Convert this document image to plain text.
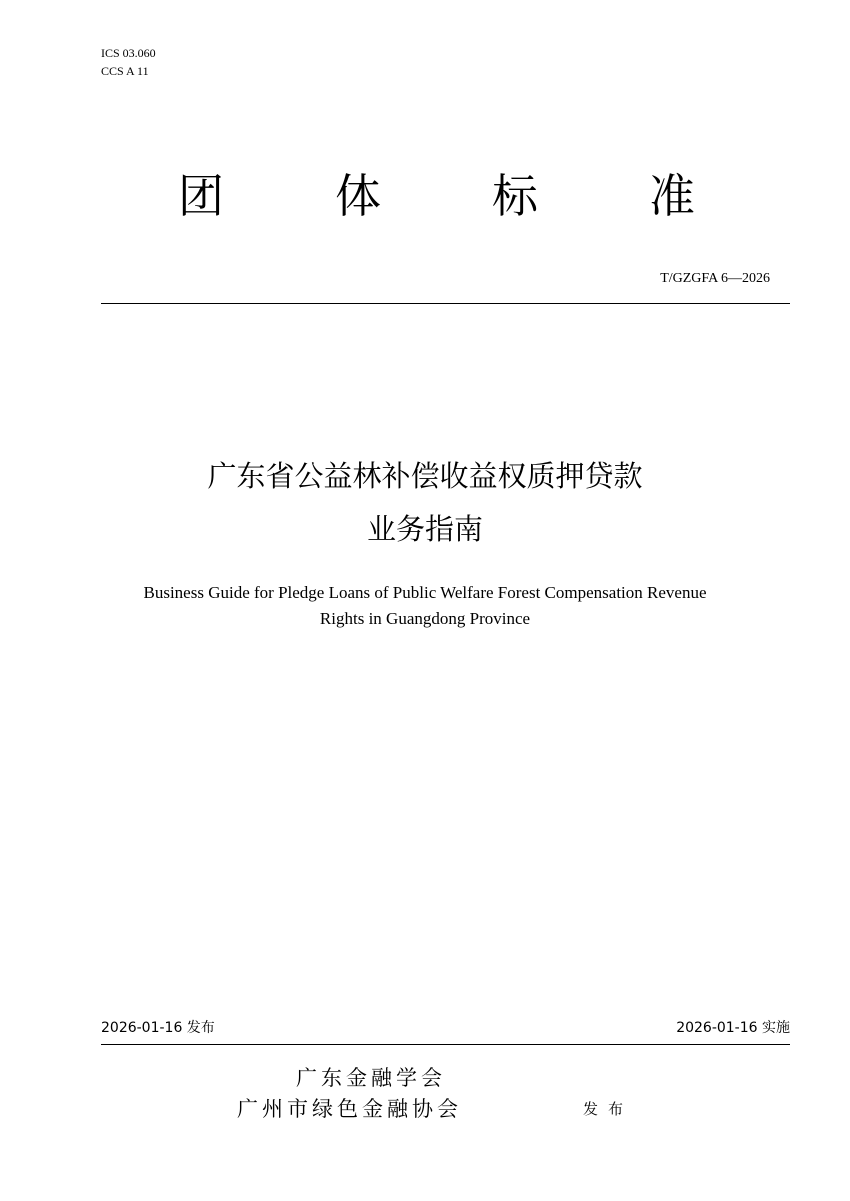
ICS 03.060
CCS A 11
团 体 标 准
T/GZGFA 6—2026
广东省公益林补偿收益权质押贷款
业务指南
Business Guide for Pledge Loans of Public Welfare Forest Compensation Revenue
Rights in Guangdong Province
2026-01-16 发布	2026-01-16 实施
广东金融学会
广州市绿色金融协会	发布
